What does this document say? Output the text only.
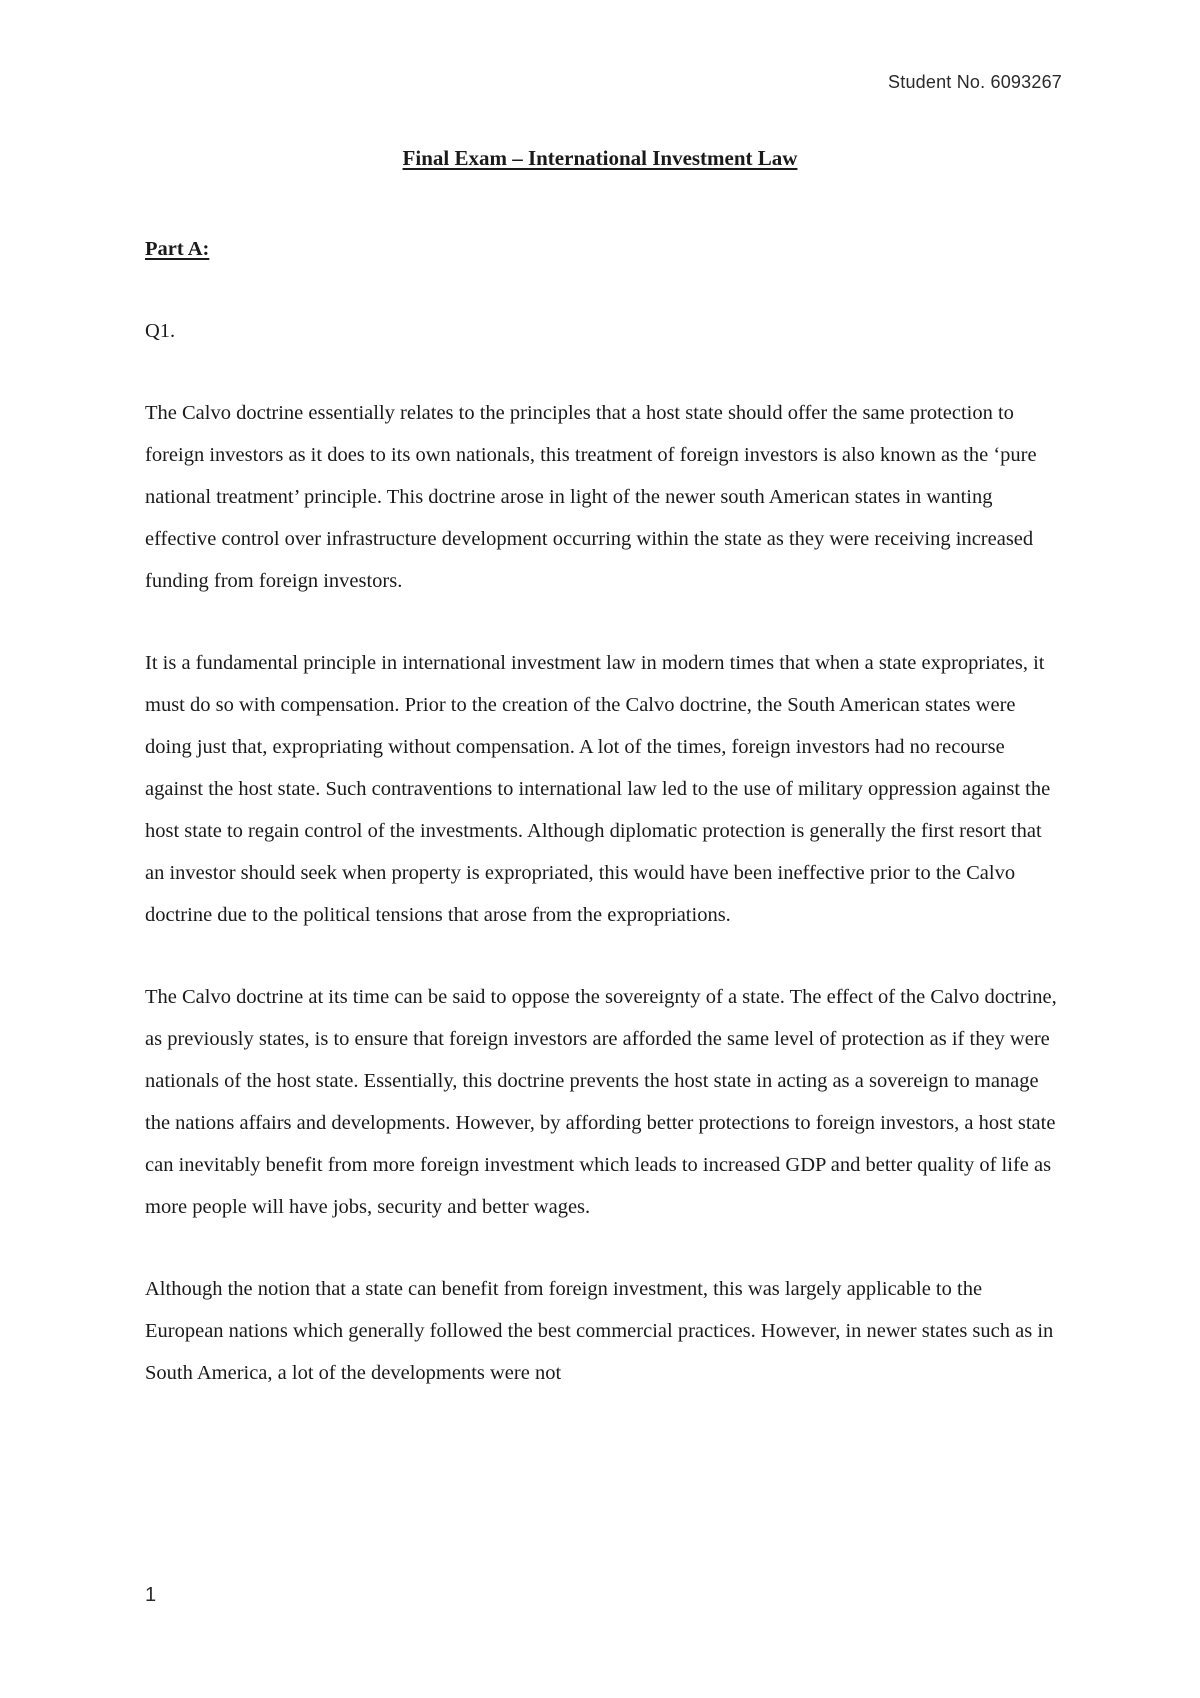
Student No. 6093267
Final Exam – International Investment Law

Part A:

Q1.

The Calvo doctrine essentially relates to the principles that a host state should offer the same protection to foreign investors as it does to its own nationals, this treatment of foreign investors is also known as the ‘pure national treatment’ principle. This doctrine arose in light of the newer south American states in wanting effective control over infrastructure development occurring within the state as they were receiving increased funding from foreign investors.

It is a fundamental principle in international investment law in modern times that when a state expropriates, it must do so with compensation. Prior to the creation of the Calvo doctrine, the South American states were doing just that, expropriating without compensation. A lot of the times, foreign investors had no recourse against the host state. Such contraventions to international law led to the use of military oppression against the host state to regain control of the investments. Although diplomatic protection is generally the first resort that an investor should seek when property is expropriated, this would have been ineffective prior to the Calvo doctrine due to the political tensions that arose from the expropriations.

The Calvo doctrine at its time can be said to oppose the sovereignty of a state. The effect of the Calvo doctrine, as previously states, is to ensure that foreign investors are afforded the same level of protection as if they were nationals of the host state. Essentially, this doctrine prevents the host state in acting as a sovereign to manage the nations affairs and developments. However, by affording better protections to foreign investors, a host state can inevitably benefit from more foreign investment which leads to increased GDP and better quality of life as more people will have jobs, security and better wages.

Although the notion that a state can benefit from foreign investment, this was largely applicable to the European nations which generally followed the best commercial practices. However, in newer states such as in South America, a lot of the developments were not

1
